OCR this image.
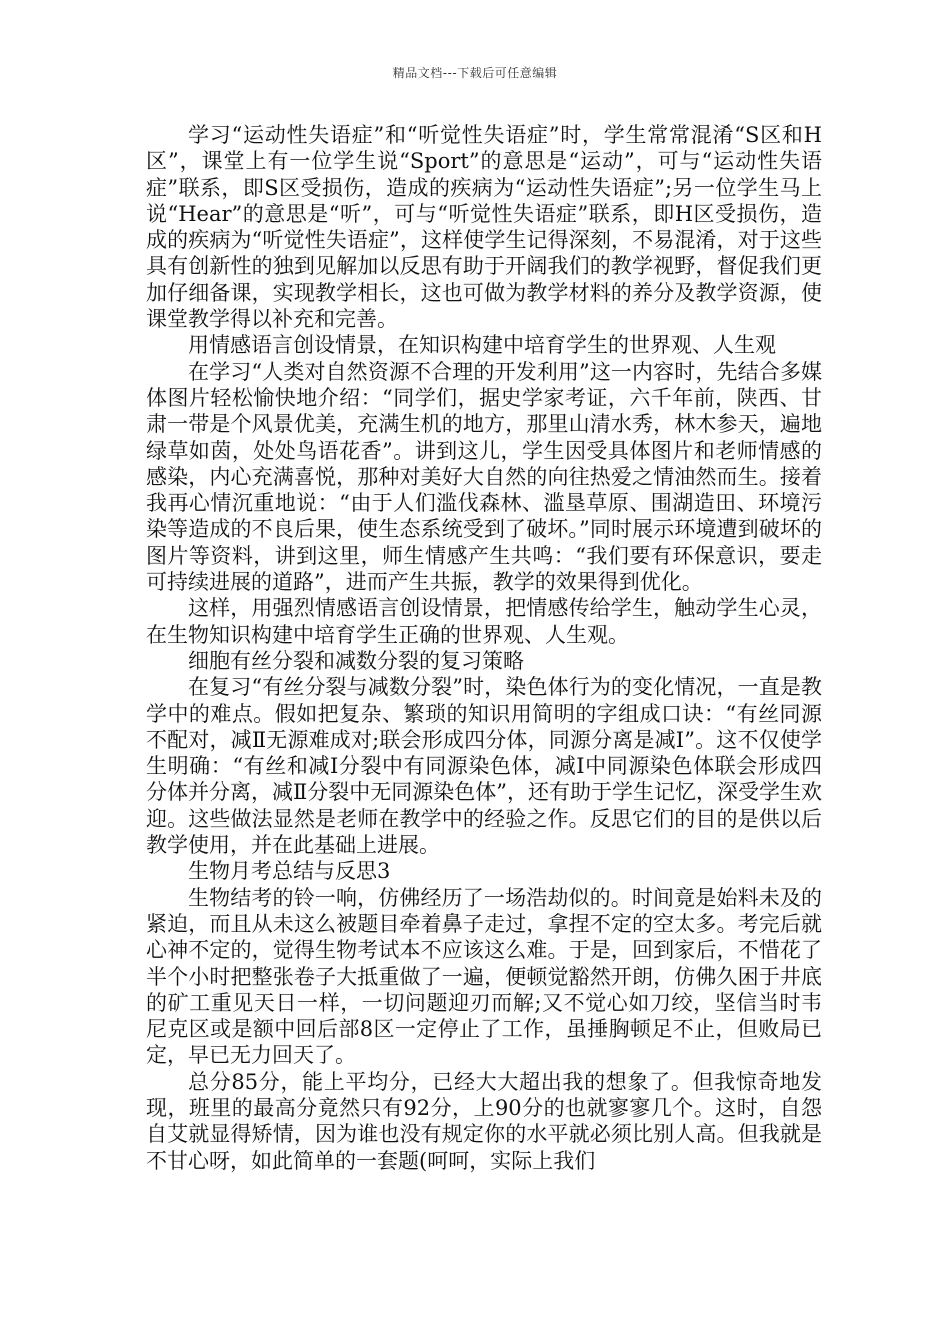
精品文档---下载后可任意编辑

学习“运动性失语症”和“听觉性失语症”时，学生常常混淆“S区和H区”，课堂上有一位学生说“Sport”的意思是“运动”，可与“运动性失语症”联系，即S区受损伤，造成的疾病为“运动性失语症”;另一位学生马上说“Hear”的意思是“听”，可与“听觉性失语症”联系，即H区受损伤，造成的疾病为“听觉性失语症”，这样使学生记得深刻，不易混淆，对于这些具有创新性的独到见解加以反思有助于开阔我们的教学视野，督促我们更加仔细备课，实现教学相长，这也可做为教学材料的养分及教学资源，使课堂教学得以补充和完善。

用情感语言创设情景，在知识构建中培育学生的世界观、人生观

在学习“人类对自然资源不合理的开发利用”这一内容时，先结合多媒体图片轻松愉快地介绍：“同学们，据史学家考证，六千年前，陕西、甘肃一带是个风景优美，充满生机的地方，那里山清水秀，林木参天，遍地绿草如茵，处处鸟语花香”。讲到这儿，学生因受具体图片和老师情感的感染，内心充满喜悦，那种对美好大自然的向往热爱之情油然而生。接着我再心情沉重地说：“由于人们滥伐森林、滥垦草原、围湖造田、环境污染等造成的不良后果，使生态系统受到了破坏。”同时展示环境遭到破坏的图片等资料，讲到这里，师生情感产生共鸣：“我们要有环保意识，要走可持续进展的道路”，进而产生共振，教学的效果得到优化。

这样，用强烈情感语言创设情景，把情感传给学生，触动学生心灵，在生物知识构建中培育学生正确的世界观、人生观。

细胞有丝分裂和减数分裂的复习策略

在复习“有丝分裂与减数分裂”时，染色体行为的变化情况，一直是教学中的难点。假如把复杂、繁琐的知识用简明的字组成口诀：“有丝同源不配对，减Ⅱ无源难成对;联会形成四分体，同源分离是减Ⅰ”。这不仅使学生明确：“有丝和减Ⅰ分裂中有同源染色体，减Ⅰ中同源染色体联会形成四分体并分离，减Ⅱ分裂中无同源染色体”，还有助于学生记忆，深受学生欢迎。这些做法显然是老师在教学中的经验之作。反思它们的目的是供以后教学使用，并在此基础上进展。

生物月考总结与反思3

生物结考的铃一响，仿佛经历了一场浩劫似的。时间竟是始料未及的紧迫，而且从未这么被题目牵着鼻子走过，拿捏不定的空太多。考完后就心神不定的，觉得生物考试本不应该这么难。于是，回到家后，不惜花了半个小时把整张卷子大抵重做了一遍，便顿觉豁然开朗，仿佛久困于井底的矿工重见天日一样，一切问题迎刃而解;又不觉心如刀绞，坚信当时韦尼克区或是额中回后部8区一定停止了工作，虽捶胸顿足不止，但败局已定，早已无力回天了。

总分85分，能上平均分，已经大大超出我的想象了。但我惊奇地发现，班里的最高分竟然只有92分，上90分的也就寥寥几个。这时，自怨自艾就显得矫情，因为谁也没有规定你的水平就必须比别人高。但我就是不甘心呀，如此简单的一套题(呵呵，实际上我们
